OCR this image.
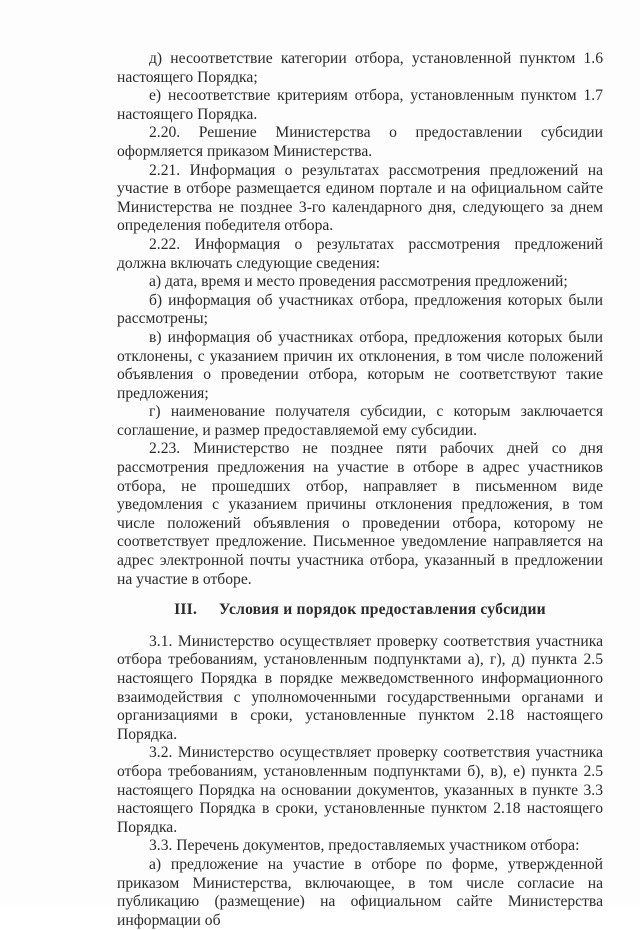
д) несоответствие категории отбора, установленной пунктом 1.6 настоящего Порядка;

е) несоответствие критериям отбора, установленным пунктом 1.7 настоящего Порядка.

2.20. Решение Министерства о предоставлении субсидии оформляется приказом Министерства.

2.21. Информация о результатах рассмотрения предложений на участие в отборе размещается едином портале и на официальном сайте Министерства не позднее 3-го календарного дня, следующего за днем определения победителя отбора.

2.22. Информация о результатах рассмотрения предложений должна включать следующие сведения:

а) дата, время и место проведения рассмотрения предложений;

б) информация об участниках отбора, предложения которых были рассмотрены;

в) информация об участниках отбора, предложения которых были отклонены, с указанием причин их отклонения, в том числе положений объявления о проведении отбора, которым не соответствуют такие предложения;

г) наименование получателя субсидии, с которым заключается соглашение, и размер предоставляемой ему субсидии.

2.23. Министерство не позднее пяти рабочих дней со дня рассмотрения предложения на участие в отборе в адрес участников отбора, не прошедших отбор, направляет в письменном виде уведомления с указанием причины отклонения предложения, в том числе положений объявления о проведении отбора, которому не соответствует предложение. Письменное уведомление направляется на адрес электронной почты участника отбора, указанный в предложении на участие в отборе.

III. Условия и порядок предоставления субсидии

3.1. Министерство осуществляет проверку соответствия участника отбора требованиям, установленным подпунктами а), г), д) пункта 2.5 настоящего Порядка в порядке межведомственного информационного взаимодействия с уполномоченными государственными органами и организациями в сроки, установленные пунктом 2.18 настоящего Порядка.

3.2. Министерство осуществляет проверку соответствия участника отбора требованиям, установленным подпунктами б), в), е) пункта 2.5 настоящего Порядка на основании документов, указанных в пункте 3.3 настоящего Порядка в сроки, установленные пунктом 2.18 настоящего Порядка.

3.3. Перечень документов, предоставляемых участником отбора:

а) предложение на участие в отборе по форме, утвержденной приказом Министерства, включающее, в том числе согласие на публикацию (размещение) на официальном сайте Министерства информации об
